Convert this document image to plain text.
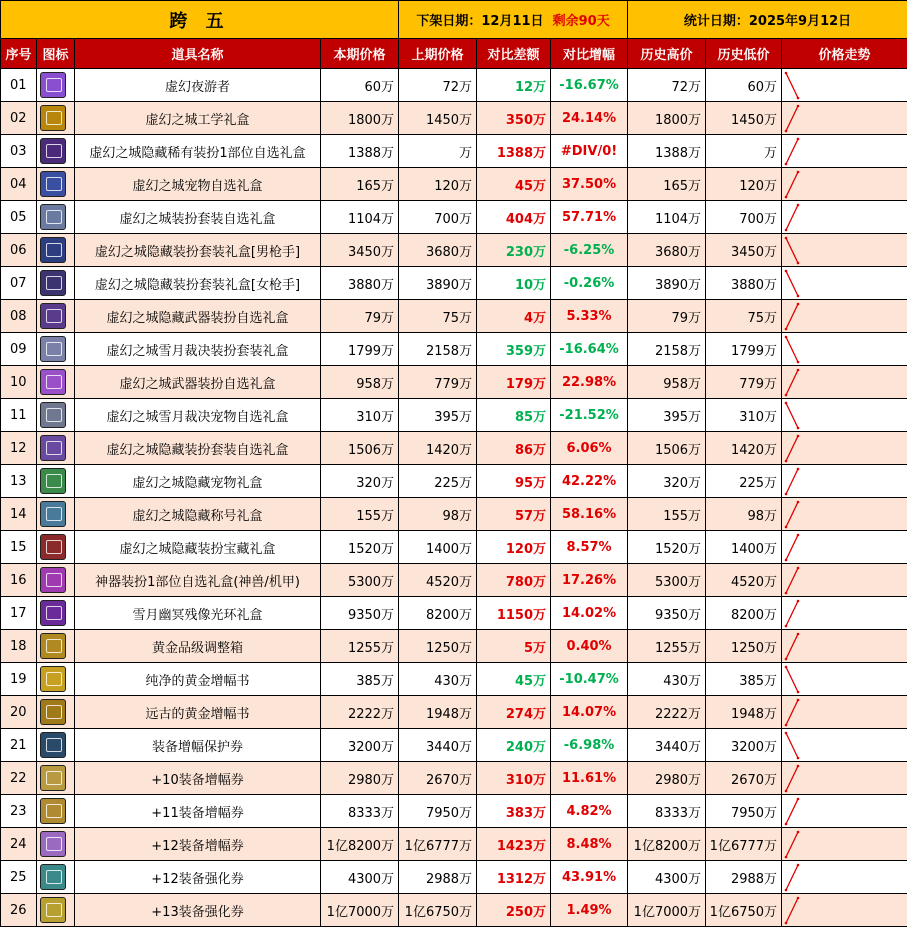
跨 五				下架日期：12月11日 剩余90天			统计日期：2025年9月12日		
序号	图标	道具名称	本期价格	上期价格	对比差额	对比增幅	历史高价	历史低价	价格走势
01		虚幻夜游者	60万	72万	12万	-16.67%	72万	60万	

02		虚幻之城工学礼盒	1800万	1450万	350万	24.14%	1800万	1450万	

03		虚幻之城隐藏稀有装扮1部位自选礼盒	1388万	万	1388万	#DIV/0!	1388万	万	

04		虚幻之城宠物自选礼盒	165万	120万	45万	37.50%	165万	120万	

05		虚幻之城装扮套装自选礼盒	1104万	700万	404万	57.71%	1104万	700万	

06		虚幻之城隐藏装扮套装礼盒[男枪手]	3450万	3680万	230万	-6.25%	3680万	3450万	

07		虚幻之城隐藏装扮套装礼盒[女枪手]	3880万	3890万	10万	-0.26%	3890万	3880万	

08		虚幻之城隐藏武器装扮自选礼盒	79万	75万	4万	5.33%	79万	75万	

09		虚幻之城雪月裁决装扮套装礼盒	1799万	2158万	359万	-16.64%	2158万	1799万	

10		虚幻之城武器装扮自选礼盒	958万	779万	179万	22.98%	958万	779万	

11		虚幻之城雪月裁决宠物自选礼盒	310万	395万	85万	-21.52%	395万	310万	

12		虚幻之城隐藏装扮套装自选礼盒	1506万	1420万	86万	6.06%	1506万	1420万	

13		虚幻之城隐藏宠物礼盒	320万	225万	95万	42.22%	320万	225万	

14		虚幻之城隐藏称号礼盒	155万	98万	57万	58.16%	155万	98万	

15		虚幻之城隐藏装扮宝藏礼盒	1520万	1400万	120万	8.57%	1520万	1400万	

16		神器装扮1部位自选礼盒(神兽/机甲)	5300万	4520万	780万	17.26%	5300万	4520万	

17		雪月幽冥残像光环礼盒	9350万	8200万	1150万	14.02%	9350万	8200万	

18		黄金品级调整箱	1255万	1250万	5万	0.40%	1255万	1250万	

19		纯净的黄金增幅书	385万	430万	45万	-10.47%	430万	385万	

20		远古的黄金增幅书	2222万	1948万	274万	14.07%	2222万	1948万	

21		装备增幅保护券	3200万	3440万	240万	-6.98%	3440万	3200万	

22		+10装备增幅券	2980万	2670万	310万	11.61%	2980万	2670万	

23		+11装备增幅券	8333万	7950万	383万	4.82%	8333万	7950万	

24		+12装备增幅券	1亿8200万	1亿6777万	1423万	8.48%	1亿8200万	1亿6777万	

25		+12装备强化券	4300万	2988万	1312万	43.91%	4300万	2988万	

26		+13装备强化券	1亿7000万	1亿6750万	250万	1.49%	1亿7000万	1亿6750万	
